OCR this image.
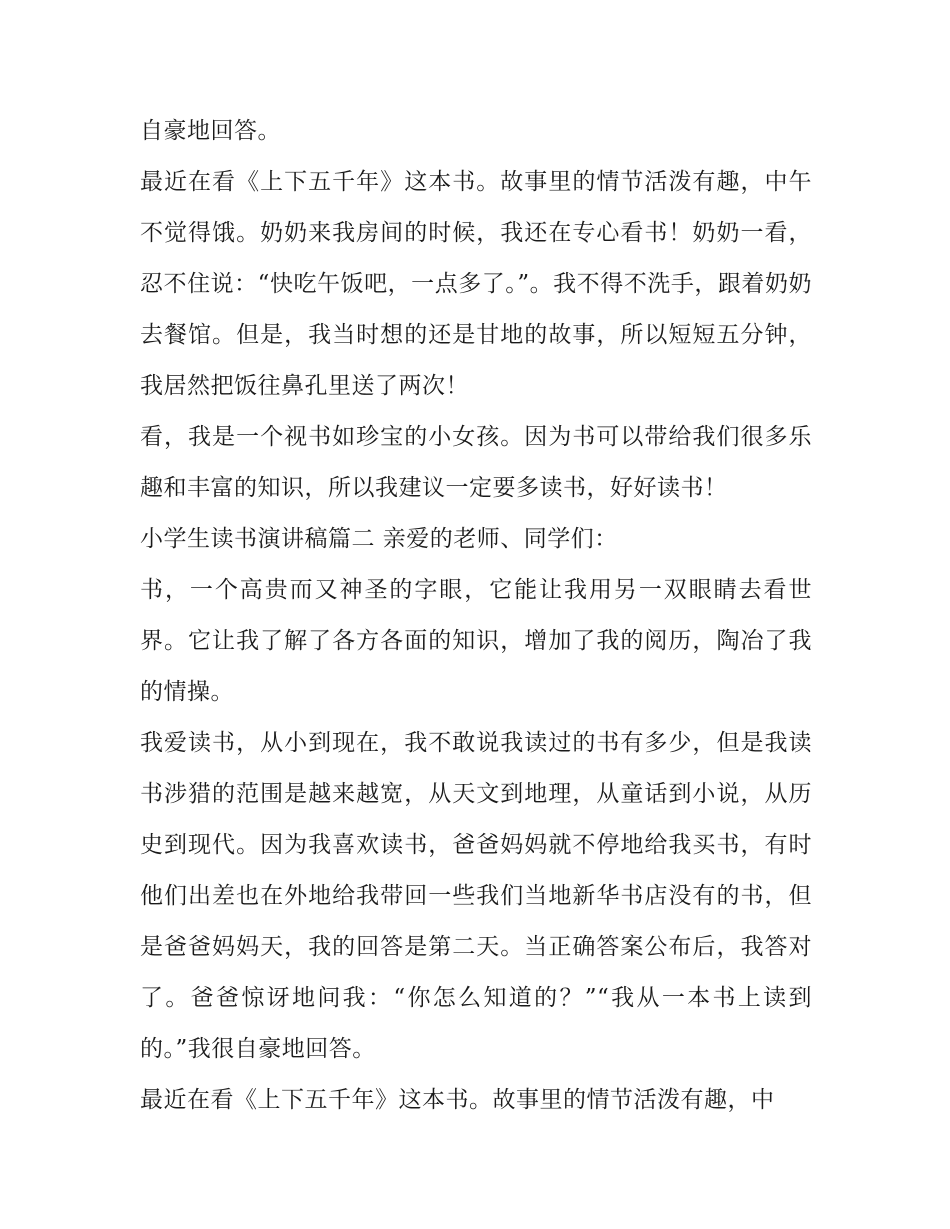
自豪地回答。

最近在看《上下五千年》这本书。故事里的情节活泼有趣，中午不觉得饿。奶奶来我房间的时候，我还在专心看书！奶奶一看，忍不住说：“快吃午饭吧，一点多了。”。我不得不洗手，跟着奶奶去餐馆。但是，我当时想的还是甘地的故事，所以短短五分钟，我居然把饭往鼻孔里送了两次！

看，我是一个视书如珍宝的小女孩。因为书可以带给我们很多乐趣和丰富的知识，所以我建议一定要多读书，好好读书！

小学生读书演讲稿篇二 亲爱的老师、同学们：

书，一个高贵而又神圣的字眼，它能让我用另一双眼睛去看世界。它让我了解了各方各面的知识，增加了我的阅历，陶冶了我的情操。

我爱读书，从小到现在，我不敢说我读过的书有多少，但是我读书涉猎的范围是越来越宽，从天文到地理，从童话到小说，从历史到现代。因为我喜欢读书，爸爸妈妈就不停地给我买书，有时他们出差也在外地给我带回一些我们当地新华书店没有的书，但是爸爸妈妈天，我的回答是第二天。当正确答案公布后，我答对了。爸爸惊讶地问我：“你怎么知道的？”“我从一本书上读到的。”我很自豪地回答。

最近在看《上下五千年》这本书。故事里的情节活泼有趣，中
